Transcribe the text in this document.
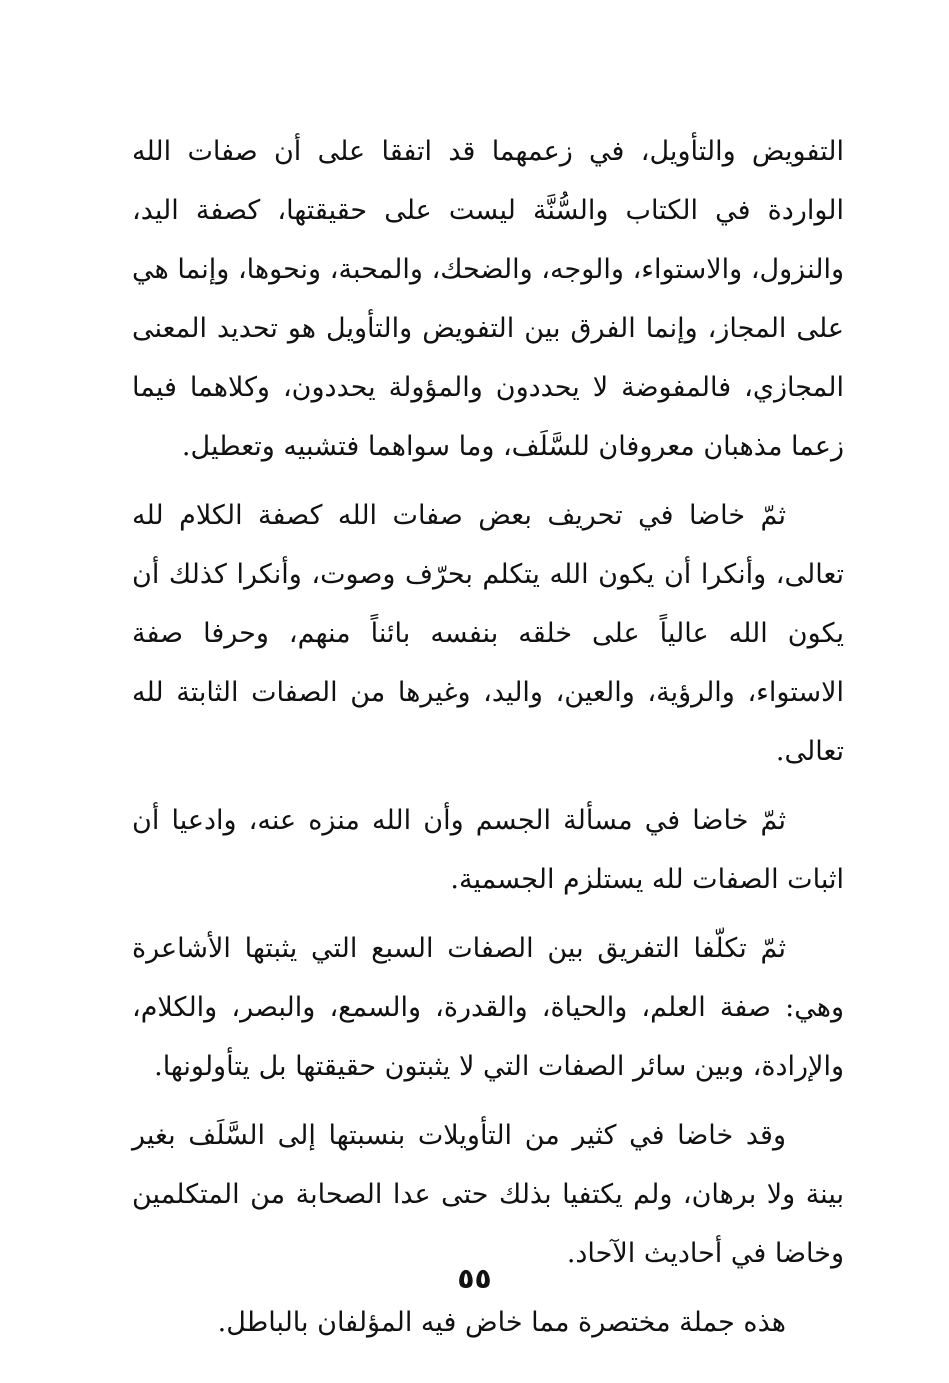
التفويض والتأويل، في زعمهما قد اتفقا على أن صفات الله الواردة في الكتاب والسُّنَّة ليست على حقيقتها، كصفة اليد، والنزول، والاستواء، والوجه، والضحك، والمحبة، ونحوها، وإنما هي على المجاز، وإنما الفرق بين التفويض والتأويل هو تحديد المعنى المجازي، فالمفوضة لا يحددون والمؤولة يحددون، وكلاهما فيما زعما مذهبان معروفان للسَّلَف، وما سواهما فتشبيه وتعطيل.

ثمّ خاضا في تحريف بعض صفات الله كصفة الكلام لله تعالى، وأنكرا أن يكون الله يتكلم بحرّف وصوت، وأنكرا كذلك أن يكون الله عالياً على خلقه بنفسه بائناً منهم، وحرفا صفة الاستواء، والرؤية، والعين، واليد، وغيرها من الصفات الثابتة لله تعالى.

ثمّ خاضا في مسألة الجسم وأن الله منزه عنه، وادعيا أن اثبات الصفات لله يستلزم الجسمية.

ثمّ تكلّفا التفريق بين الصفات السبع التي يثبتها الأشاعرة وهي: صفة العلم، والحياة، والقدرة، والسمع، والبصر، والكلام، والإرادة، وبين سائر الصفات التي لا يثبتون حقيقتها بل يتأولونها.

وقد خاضا في كثير من التأويلات بنسبتها إلى السَّلَف بغير بينة ولا برهان، ولم يكتفيا بذلك حتى عدا الصحابة من المتكلمين وخاضا في أحاديث الآحاد.

هذه جملة مختصرة مما خاض فيه المؤلفان بالباطل.

٥٥
